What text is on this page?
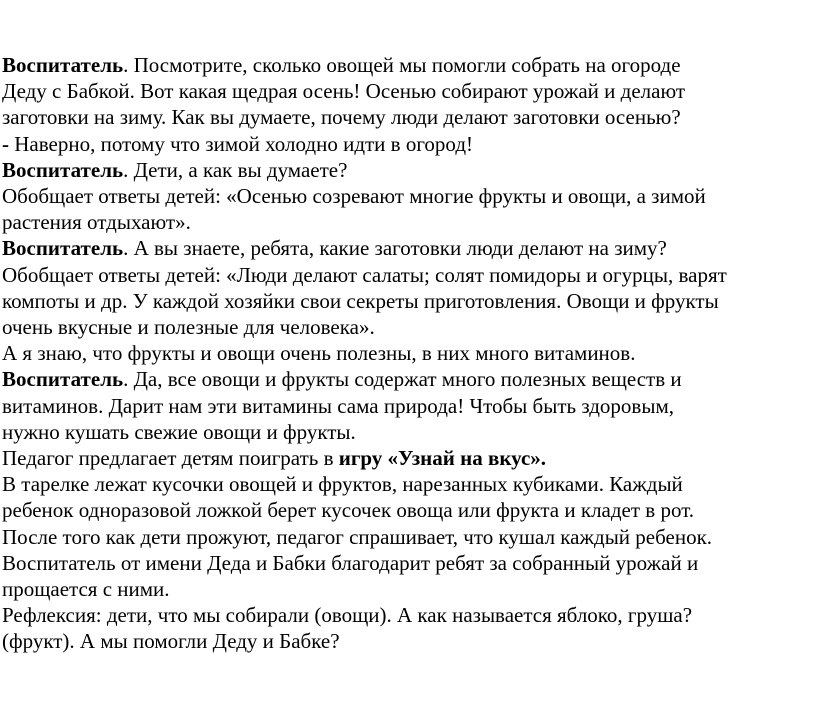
Воспитатель. Посмотрите, сколько овощей мы помогли собрать на огороде
Деду с Бабкой. Вот какая щедрая осень! Осенью собирают урожай и делают
заготовки на зиму. Как вы думаете, почему люди делают заготовки осенью?
- Наверно, потому что зимой холодно идти в огород!
Воспитатель. Дети, а как вы думаете?
Обобщает ответы детей: «Осенью созревают многие фрукты и овощи, а зимой
растения отдыхают».
Воспитатель. А вы знаете, ребята, какие заготовки люди делают на зиму?
Обобщает ответы детей: «Люди делают салаты; солят помидоры и огурцы, варят
компоты и др. У каждой хозяйки свои секреты приготовления. Овощи и фрукты
очень вкусные и полезные для человека».
А я знаю, что фрукты и овощи очень полезны, в них много витаминов.
Воспитатель. Да, все овощи и фрукты содержат много полезных веществ и
витаминов. Дарит нам эти витамины сама природа! Чтобы быть здоровым,
нужно кушать свежие овощи и фрукты.
Педагог предлагает детям поиграть в игру «Узнай на вкус».
В тарелке лежат кусочки овощей и фруктов, нарезанных кубиками. Каждый
ребенок одноразовой ложкой берет кусочек овоща или фрукта и кладет в рот.
После того как дети прожуют, педагог спрашивает, что кушал каждый ребенок.
Воспитатель от имени Деда и Бабки благодарит ребят за собранный урожай и
прощается с ними.
Рефлексия: дети, что мы собирали (овощи). А как называется яблоко, груша?
(фрукт). А мы помогли Деду и Бабке?
